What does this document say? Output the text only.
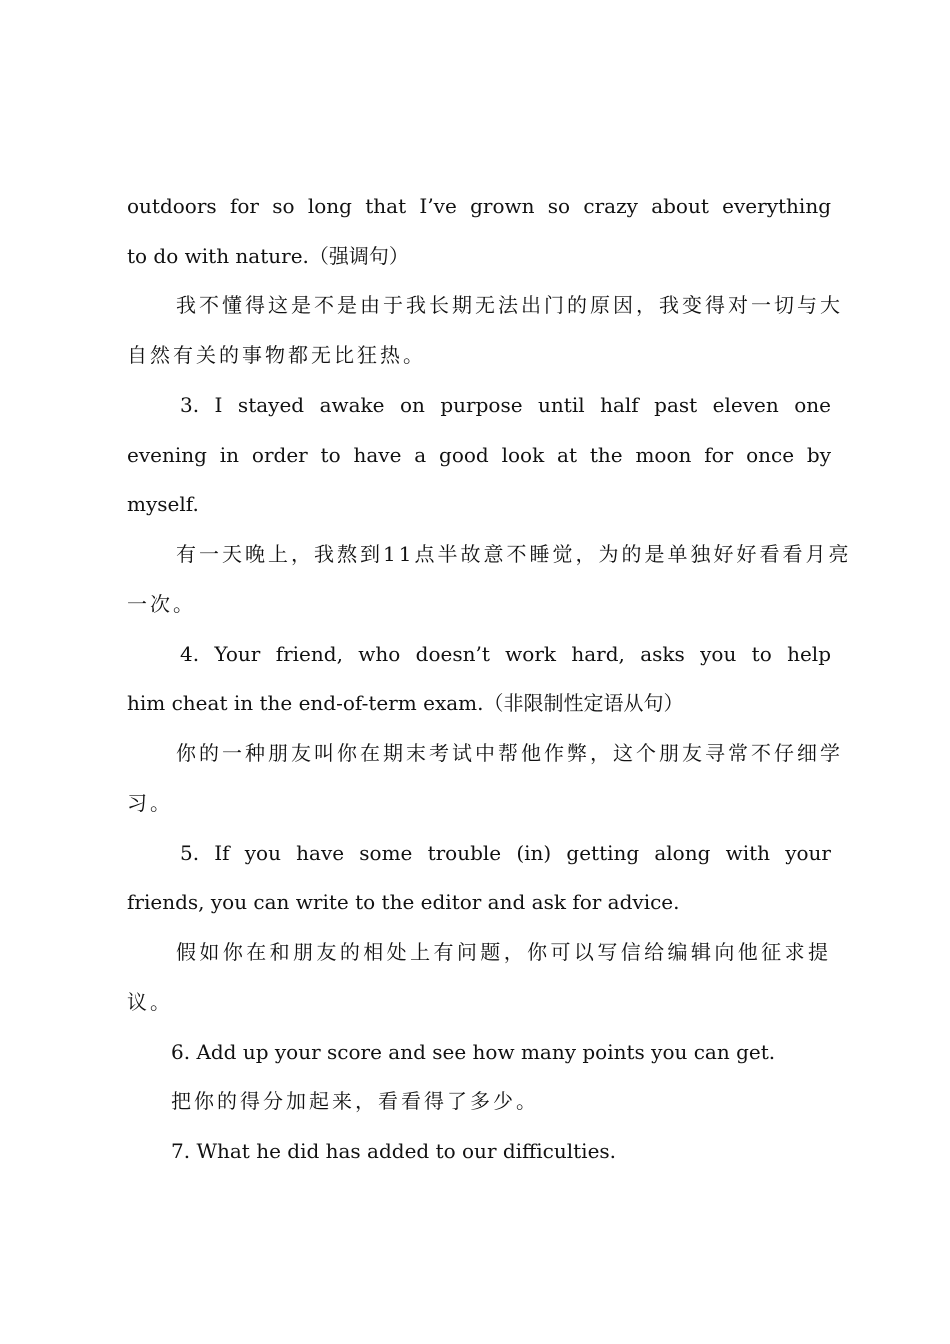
outdoors for so long that I’ve grown so crazy about everything
to do with nature.（强调句）
我不懂得这是不是由于我长期无法出门的原因，我变得对一切与大
自然有关的事物都无比狂热。
3. I stayed awake on purpose until half past eleven one
evening in order to have a good look at the moon for once by
myself.
有一天晚上，我熬到11点半故意不睡觉，为的是单独好好看看月亮
一次。
4. Your friend, who doesn’t work hard, asks you to help
him cheat in the end-of-term exam.（非限制性定语从句）
你的一种朋友叫你在期末考试中帮他作弊，这个朋友寻常不仔细学
习。
5. If you have some trouble (in) getting along with your
friends, you can write to the editor and ask for advice.
假如你在和朋友的相处上有问题，你可以写信给编辑向他征求提
议。
6. Add up your score and see how many points you can get.
把你的得分加起来，看看得了多少。
7. What he did has added to our difficulties.
